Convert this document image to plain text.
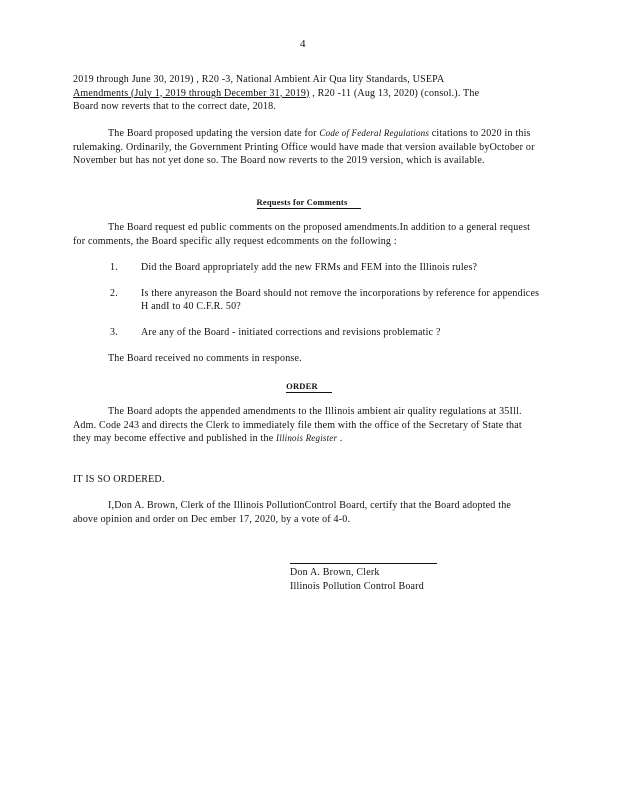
4
2019 through June 30, 2019) , R20 -3, National Ambient Air Qua lity Standards, USEPA
Amendments (July 1, 2019 through December 31, 2019) , R20 -11 (Aug 13, 2020) (consol.). The
Board now reverts that to the correct date, 2018.
The Board proposed updating the version date for Code of Federal Regulations citations to 2020 in this rulemaking. Ordinarily, the Government Printing Office would have made that version available byOctober or November but has not yet done so. The Board now reverts to the 2019 version, which is available.
Requests for Comments
The Board request ed public comments on the proposed amendments.In addition to a general request for comments, the Board specific ally request edcomments on the following :
1. Did the Board appropriately add the new FRMs and FEM into the Illinois rules?
2. Is there anyreason the Board should not remove the incorporations by reference for appendices H andI to 40 C.F.R. 50?
3. Are any of the Board - initiated corrections and revisions problematic ?
The Board received no comments in response.
ORDER
The Board adopts the appended amendments to the Illinois ambient air quality regulations at 35Ill. Adm. Code 243 and directs the Clerk to immediately file them with the office of the Secretary of State that they may become effective and published in the Illinois Register .
IT IS SO ORDERED.
I,Don A. Brown, Clerk of the Illinois PollutionControl Board, certify that the Board adopted the above opinion and order on Dec ember 17, 2020, by a vote of 4-0.
Don A. Brown, Clerk
Illinois Pollution Control Board
